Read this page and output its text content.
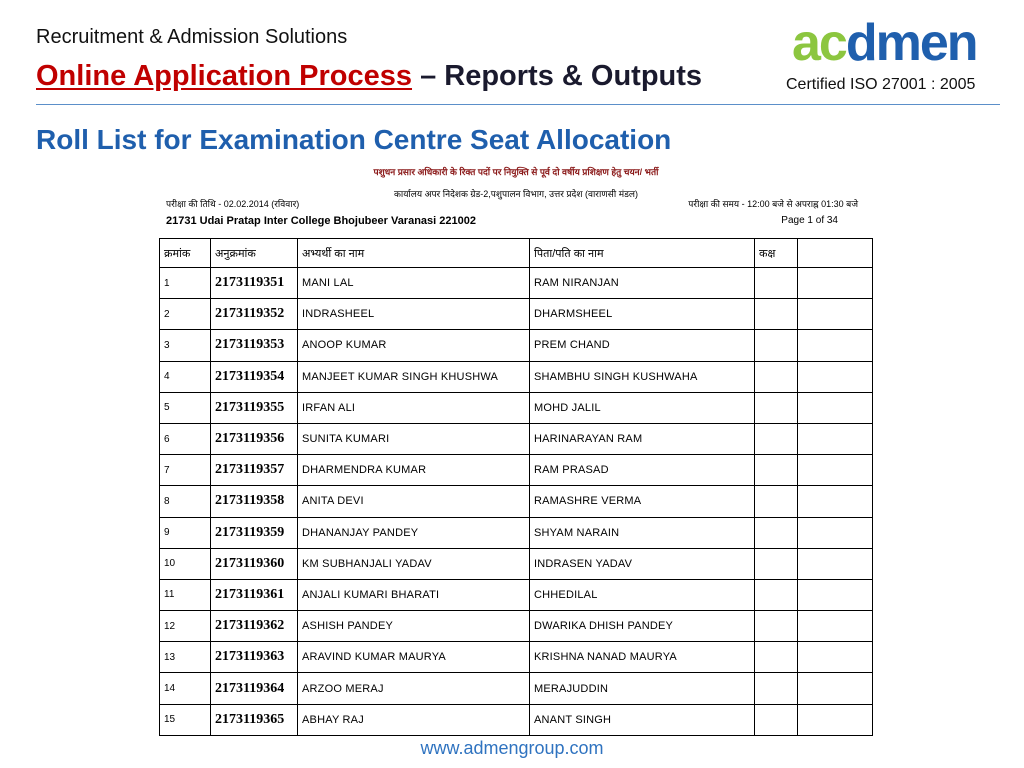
Recruitment & Admission Solutions
Online Application Process – Reports & Outputs
acdmen
Certified ISO 27001 : 2005
Roll List for Examination Centre Seat Allocation
पशुधन प्रसार अधिकारी के रिक्त पदों पर नियुक्ति से पूर्व दो वर्षीय प्रशिक्षण हेतु चयन/ भर्ती
कार्यालय अपर निदेशक ग्रेड-2,पशुपालन विभाग, उत्तर प्रदेश (वाराणसी मंडल)
परीक्षा की तिथि - 02.02.2014 (रविवार)	परीक्षा की समय - 12:00 बजे से अपराह्न 01:30 बजे
21731 Udai Pratap Inter College Bhojubeer Varanasi 221002	Page 1 of 34
क्रमांक	अनुक्रमांक	अभ्यर्थी का नाम	पिता/पति का नाम	कक्ष	
1	2173119351	MANI LAL	RAM NIRANJAN		
2	2173119352	INDRASHEEL	DHARMSHEEL		
3	2173119353	ANOOP KUMAR	PREM CHAND		
4	2173119354	MANJEET KUMAR SINGH KHUSHWA	SHAMBHU SINGH KUSHWAHA		
5	2173119355	IRFAN ALI	MOHD JALIL		
6	2173119356	SUNITA KUMARI	HARINARAYAN RAM		
7	2173119357	DHARMENDRA KUMAR	RAM PRASAD		
8	2173119358	ANITA DEVI	RAMASHRE VERMA		
9	2173119359	DHANANJAY PANDEY	SHYAM NARAIN		
10	2173119360	KM SUBHANJALI YADAV	INDRASEN YADAV		
11	2173119361	ANJALI KUMARI BHARATI	CHHEDILAL		
12	2173119362	ASHISH PANDEY	DWARIKA DHISH PANDEY		
13	2173119363	ARAVIND KUMAR MAURYA	KRISHNA NANAD MAURYA		
14	2173119364	ARZOO MERAJ	MERAJUDDIN		
15	2173119365	ABHAY RAJ	ANANT SINGH		
www.admengroup.com
